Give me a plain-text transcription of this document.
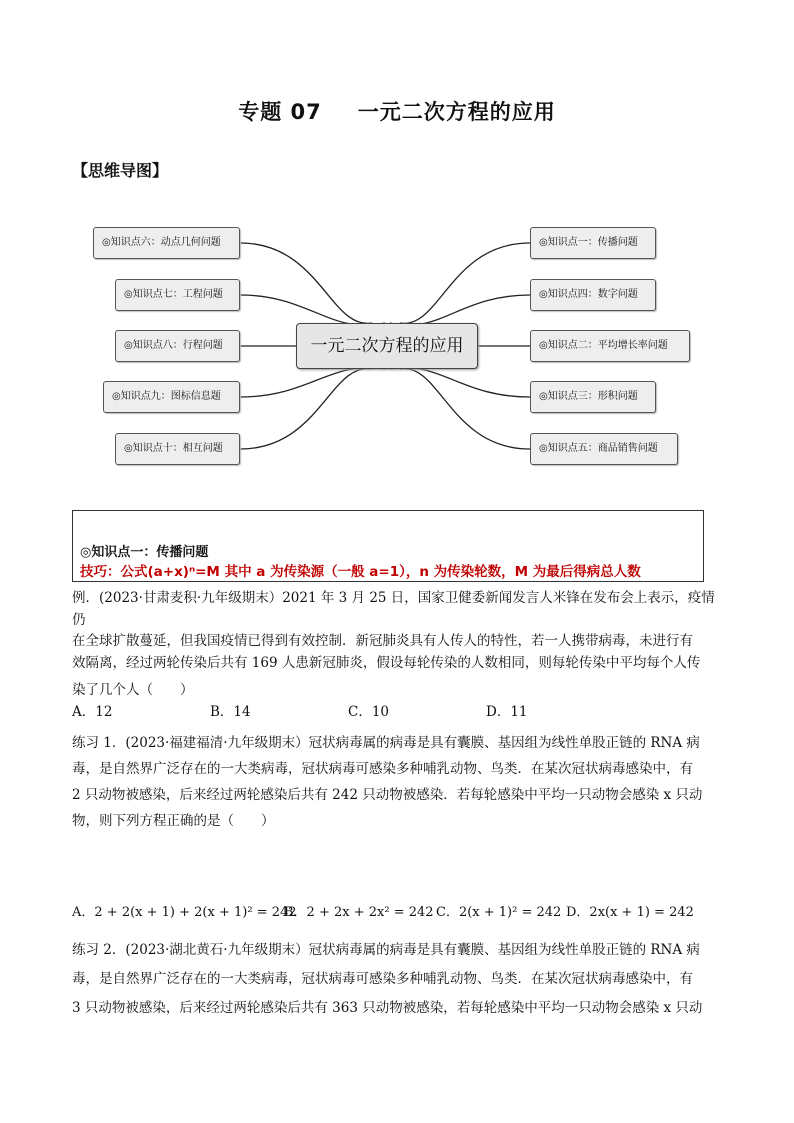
专题 07 一元二次方程的应用
【思维导图】
◎知识点六：动点几何问题
◎知识点七：工程问题
◎知识点八：行程问题
◎知识点九：图标信息题
◎知识点十：相互问题
一元二次方程的应用
◎知识点一：传播问题
◎知识点四：数字问题
◎知识点二：平均增长率问题
◎知识点三：形积问题
◎知识点五：商品销售问题
◎知识点一：传播问题
技巧：公式(a+x)ⁿ=M 其中 a 为传染源（一般 a=1），n 为传染轮数，M 为最后得病总人数
例．(2023·甘肃麦积·九年级期末）2021 年 3 月 25 日，国家卫健委新闻发言人米锋在发布会上表示，疫情仍
在全球扩散蔓延，但我国疫情已得到有效控制．新冠肺炎具有人传人的特性，若一人携带病毒，未进行有
效隔离，经过两轮传染后共有 169 人患新冠肺炎，假设每轮传染的人数相同，则每轮传染中平均每个人传
染了几个人（　　）
A．12	B．14	C．10	D．11
练习 1．(2023·福建福清·九年级期末）冠状病毒属的病毒是具有囊膜、基因组为线性单股正链的 RNA 病
毒，是自然界广泛存在的一大类病毒，冠状病毒可感染多种哺乳动物、鸟类．在某次冠状病毒感染中，有
2 只动物被感染，后来经过两轮感染后共有 242 只动物被感染．若每轮感染中平均一只动物会感染 x 只动
物，则下列方程正确的是（　　）
A．2 + 2(x + 1) + 2(x + 1)² = 242B．2 + 2x + 2x² = 242 C．2(x + 1)² = 242 D．2x(x + 1) = 242
练习 2．(2023·湖北黄石·九年级期末）冠状病毒属的病毒是具有囊膜、基因组为线性单股正链的 RNA 病
毒，是自然界广泛存在的一大类病毒，冠状病毒可感染多种哺乳动物、鸟类．在某次冠状病毒感染中，有
3 只动物被感染，后来经过两轮感染后共有 363 只动物被感染，若每轮感染中平均一只动物会感染 x 只动
